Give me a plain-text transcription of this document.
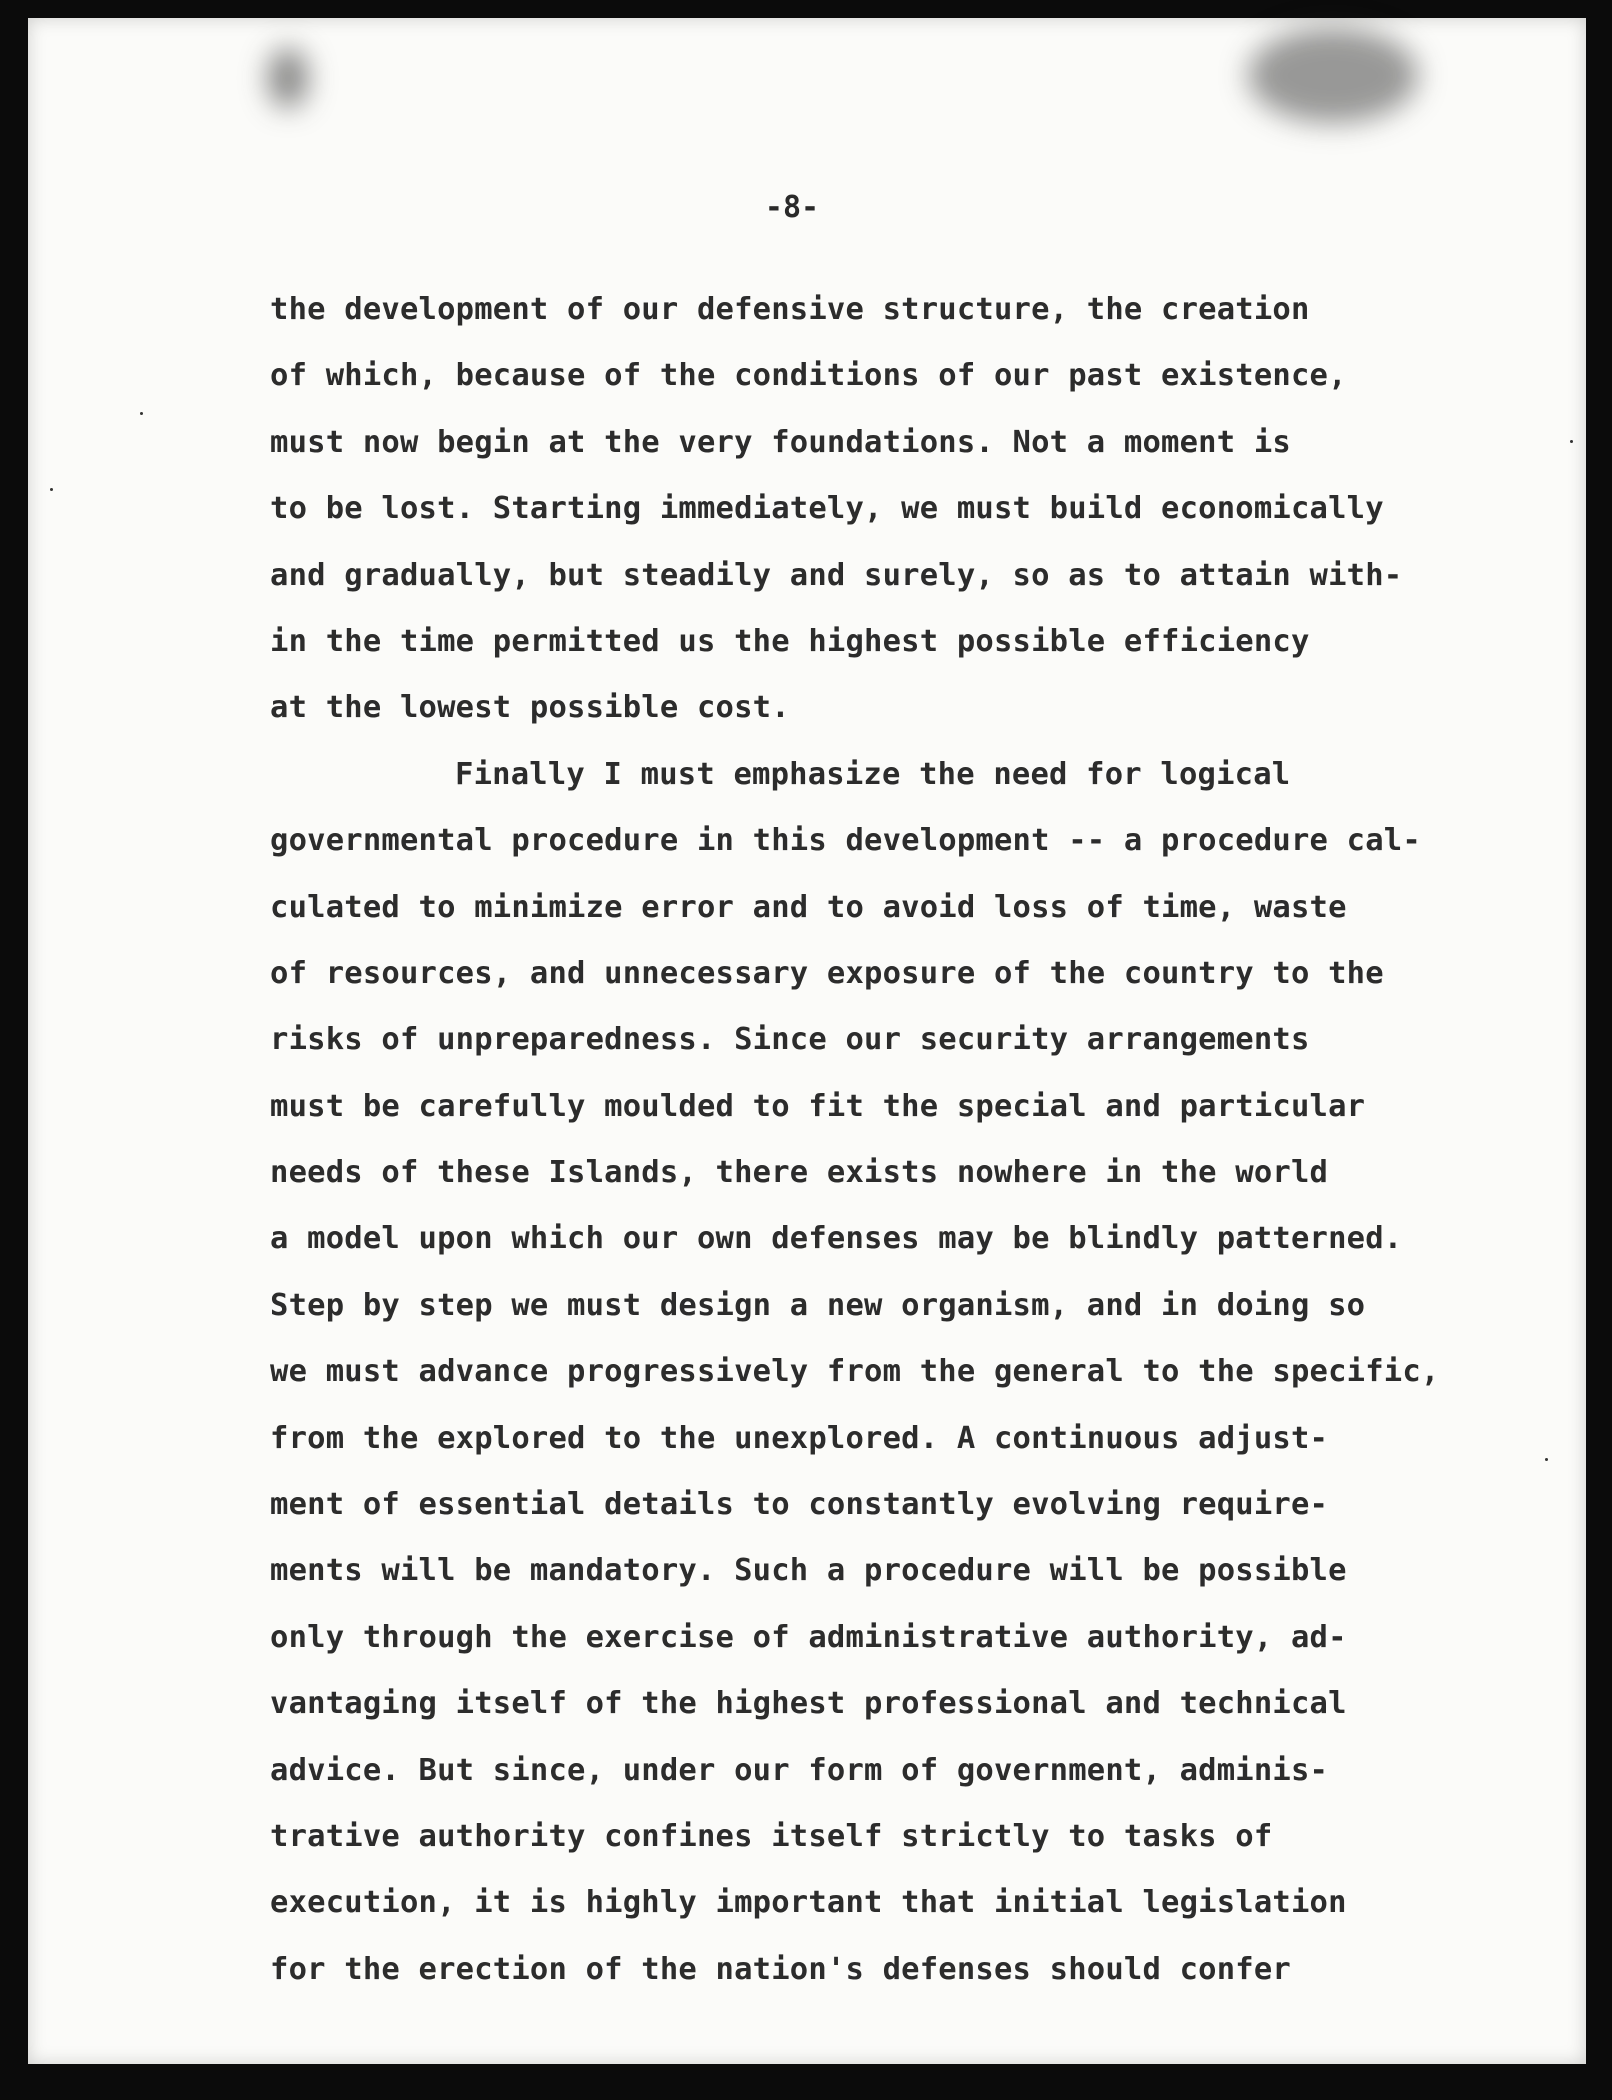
-8-
the development of our defensive structure, the creation
of which, because of the conditions of our past existence,
must now begin at the very foundations. Not a moment is
to be lost. Starting immediately, we must build economically
and gradually, but steadily and surely, so as to attain with-
in the time permitted us the highest possible efficiency
at the lowest possible cost.
Finally I must emphasize the need for logical
governmental procedure in this development -- a procedure cal-
culated to minimize error and to avoid loss of time, waste
of resources, and unnecessary exposure of the country to the
risks of unpreparedness. Since our security arrangements
must be carefully moulded to fit the special and particular
needs of these Islands, there exists nowhere in the world
a model upon which our own defenses may be blindly patterned.
Step by step we must design a new organism, and in doing so
we must advance progressively from the general to the specific,
from the explored to the unexplored. A continuous adjust-
ment of essential details to constantly evolving require-
ments will be mandatory. Such a procedure will be possible
only through the exercise of administrative authority, ad-
vantaging itself of the highest professional and technical
advice. But since, under our form of government, adminis-
trative authority confines itself strictly to tasks of
execution, it is highly important that initial legislation
for the erection of the nation's defenses should confer
